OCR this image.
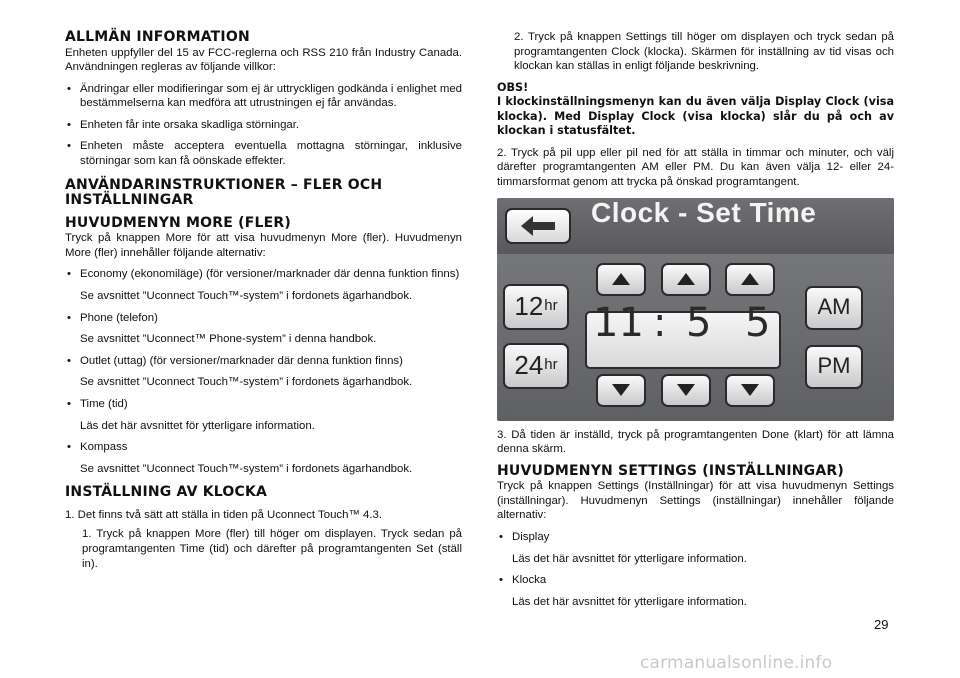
ALLMÄN INFORMATION

Enheten uppfyller del 15 av FCC-reglerna och RSS 210 från Industry Canada. Användningen regleras av följande villkor:

• Ändringar eller modifieringar som ej är uttryckligen godkända i enlighet med bestämmelserna kan medföra att utrustningen ej får användas.
• Enheten får inte orsaka skadliga störningar.
• Enheten måste acceptera eventuella mottagna störningar, inklusive störningar som kan få oönskade effekter.
ANVÄNDARINSTRUKTIONER – FLER OCH INSTÄLLNINGAR
HUVUDMENYN MORE (FLER)

Tryck på knappen More för att visa huvudmenyn More (fler). Huvudmenyn More (fler) innehåller följande alternativ:

• Economy (ekonomiläge) (för versioner/marknader där denna funktion finns)
Se avsnittet ”Uconnect Touch™-system” i fordonets ägarhandbok.
• Phone (telefon)
Se avsnittet ”Uconnect™ Phone-system” i denna handbok.
• Outlet (uttag) (för versioner/marknader där denna funktion finns)
Se avsnittet ”Uconnect Touch™-system” i fordonets ägarhandbok.
• Time (tid)
Läs det här avsnittet för ytterligare information.
• Kompass
Se avsnittet ”Uconnect Touch™-system” i fordonets ägarhandbok.
INSTÄLLNING AV KLOCKA

1. Det finns två sätt att ställa in tiden på Uconnect Touch™ 4.3.

1. Tryck på knappen More (fler) till höger om displayen. Tryck sedan på programtangenten Time (tid) och därefter på programtangenten Set (ställ in).

2. Tryck på knappen Settings till höger om displayen och tryck sedan på programtangenten Clock (klocka). Skärmen för inställning av tid visas och klockan kan ställas in enligt följande beskrivning.

OBS!
I klockinställningsmenyn kan du även välja Display Clock (visa klocka). Med Display Clock (visa klocka) slår du på och av klockan i statusfältet.

2. Tryck på pil upp eller pil ned för att ställa in timmar och minuter, och välj därefter programtangenten AM eller PM. Du kan även välja 12- eller 24-timmarsformat genom att trycka på önskad programtangent.

Clock - Set Time
12 hr
24 hr
11 : 5 5	AM
PM

3. Då tiden är inställd, tryck på programtangenten Done (klart) för att lämna denna skärm.

HUVUDMENYN SETTINGS (INSTÄLLNINGAR)

Tryck på knappen Settings (Inställningar) för att visa huvudmenyn Settings (inställningar). Huvudmenyn Settings (inställningar) innehåller följande alternativ:

• Display
Läs det här avsnittet för ytterligare information.
• Klocka
Läs det här avsnittet för ytterligare information.
29
carmanualsonline.info
